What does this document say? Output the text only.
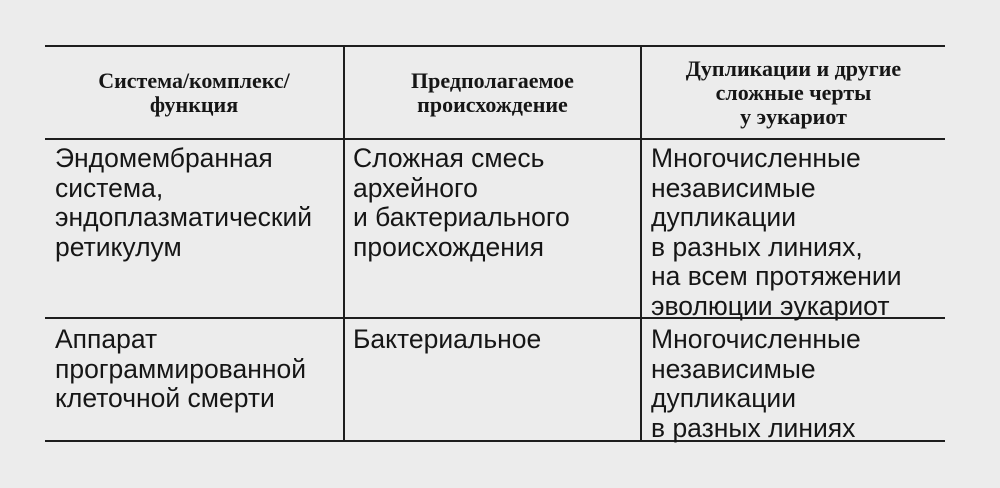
Система/комплекс/
функция
Предполагаемое
происхождение
Дупликации и другие
сложные черты
у эукариот
Эндомембранная
система,
эндоплазматический
ретикулум
Сложная смесь
архейного
и бактериального
происхождения
Многочисленные
независимые
дупликации
в разных линиях,
на всем протяжении
эволюции эукариот
Аппарат
программированной
клеточной смерти
Бактериальное	Многочисленные
независимые
дупликации
в разных линиях
